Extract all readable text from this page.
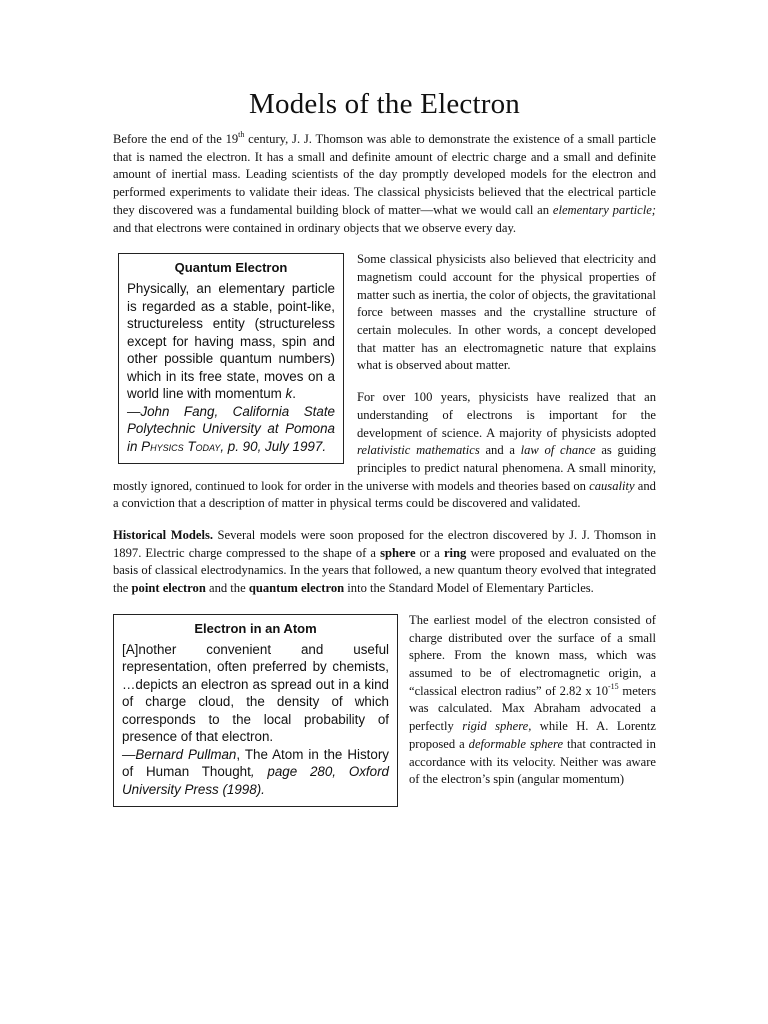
Models of the Electron

Before the end of the 19th century, J. J. Thomson was able to demonstrate the existence of a small particle that is named the electron. It has a small and definite amount of electric charge and a small and definite amount of inertial mass. Leading scientists of the day promptly developed models for the electron and performed experiments to validate their ideas. The classical physicists believed that the electrical particle they discovered was a fundamental building block of matter—what we would call an elementary particle; and that electrons were contained in ordinary objects that we observe every day.

Quantum Electron
Physically, an elementary particle is regarded as a stable, point-like, structureless entity (structureless except for having mass, spin and other possible quantum numbers) which in its free state, moves on a world line with momentum k.
—John Fang, California State Polytechnic University at Pomona in Physics Today, p. 90, July 1997.

Some classical physicists also believed that electricity and magnetism could account for the physical properties of matter such as inertia, the color of objects, the gravitational force between masses and the crystalline structure of certain molecules. In other words, a concept developed that matter has an electromagnetic nature that explains what is observed about matter.

For over 100 years, physicists have realized that an understanding of electrons is important for the development of science. A majority of physicists adopted relativistic mathematics and a law of chance as guiding principles to predict natural phenomena. A small minority, mostly ignored, continued to look for order in the universe with models and theories based on causality and a conviction that a description of matter in physical terms could be discovered and validated.

Historical Models. Several models were soon proposed for the electron discovered by J. J. Thomson in 1897. Electric charge compressed to the shape of a sphere or a ring were proposed and evaluated on the basis of classical electrodynamics. In the years that followed, a new quantum theory evolved that integrated the point electron and the quantum electron into the Standard Model of Elementary Particles.

Electron in an Atom
[A]nother convenient and useful representation, often preferred by chemists, …depicts an electron as spread out in a kind of charge cloud, the density of which corresponds to the local probability of presence of that electron.
—Bernard Pullman, The Atom in the History of Human Thought, page 280, Oxford University Press (1998).

The earliest model of the electron consisted of charge distributed over the surface of a small sphere. From the known mass, which was assumed to be of electromagnetic origin, a “classical electron radius” of 2.82 x $10^{-15}$ meters was calculated. Max Abraham advocated a perfectly rigid sphere, while H. A. Lorentz proposed a deformable sphere that contracted in accordance with its velocity. Neither was aware of the electron’s spin (angular momentum)
